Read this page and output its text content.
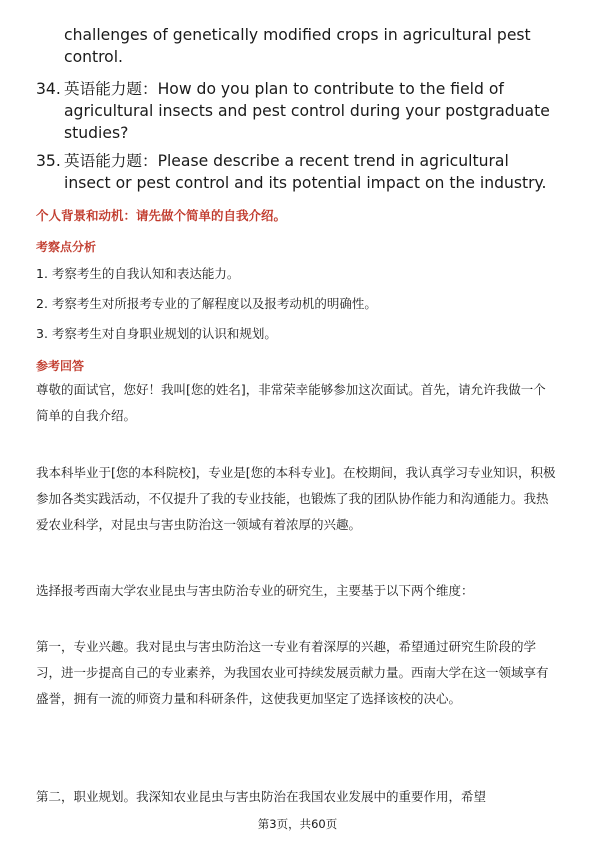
challenges of genetically modified crops in agricultural pest control.
34. 英语能力题：How do you plan to contribute to the field of agricultural insects and pest control during your postgraduate studies?
35. 英语能力题：Please describe a recent trend in agricultural insect or pest control and its potential impact on the industry.
个人背景和动机：请先做个简单的自我介绍。
考察点分析
1. 考察考生的自我认知和表达能力。
2. 考察考生对所报考专业的了解程度以及报考动机的明确性。
3. 考察考生对自身职业规划的认识和规划。
参考回答
尊敬的面试官，您好！我叫[您的姓名]，非常荣幸能够参加这次面试。首先，请允许我做一个简单的自我介绍。
我本科毕业于[您的本科院校]，专业是[您的本科专业]。在校期间，我认真学习专业知识，积极参加各类实践活动，不仅提升了我的专业技能，也锻炼了我的团队协作能力和沟通能力。我热爱农业科学，对昆虫与害虫防治这一领域有着浓厚的兴趣。
选择报考西南大学农业昆虫与害虫防治专业的研究生，主要基于以下两个维度：
第一，专业兴趣。我对昆虫与害虫防治这一专业有着深厚的兴趣，希望通过研究生阶段的学习，进一步提高自己的专业素养，为我国农业可持续发展贡献力量。西南大学在这一领域享有盛誉，拥有一流的师资力量和科研条件，这使我更加坚定了选择该校的决心。
第二，职业规划。我深知农业昆虫与害虫防治在我国农业发展中的重要作用，希望
第3页，共60页
